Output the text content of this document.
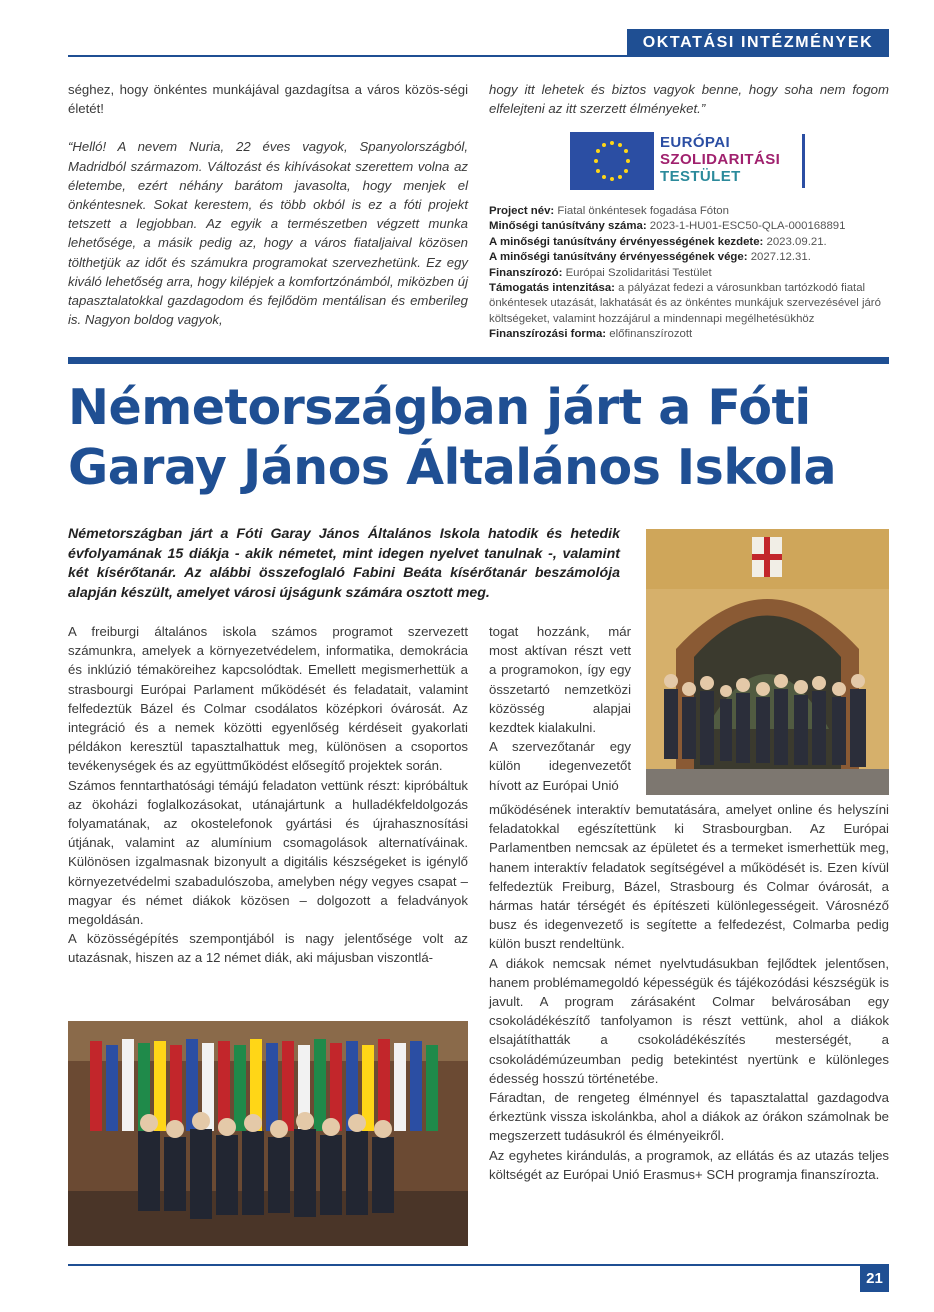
OKTATÁSI INTÉZMÉNYEK

séghez, hogy önkéntes munkájával gazdagítsa a város közös-ségi életét!

“Helló! A nevem Nuria, 22 éves vagyok, Spanyolországból, Madridból származom. Változást és kihívásokat szerettem volna az életembe, ezért néhány barátom javasolta, hogy menjek el önkéntesnek. Sokat kerestem, és több okból is ez a fóti projekt tetszett a legjobban. Az egyik a természetben végzett munka lehetősége, a másik pedig az, hogy a város fiataljaival közösen tölthetjük az időt és számukra programokat szervezhetünk. Ez egy kiváló lehetőség arra, hogy kilépjek a komfortzónámból, miközben új tapasztalatokkal gazdagodom és fejlődöm mentálisan és emberileg is. Nagyon boldog vagyok,

hogy itt lehetek és biztos vagyok benne, hogy soha nem fogom elfelejteni az itt szerzett élményeket.”

EURÓPAI
SZOLIDARITÁSI
TESTÜLET

Project név: Fiatal önkéntesek fogadása Fóton

Minőségi tanúsítvány száma: 2023-1-HU01-ESC50-QLA-000168891

A minőségi tanúsítvány érvényességének kezdete: 2023.09.21.

A minőségi tanúsítvány érvényességének vége: 2027.12.31.

Finanszírozó: Európai Szolidaritási Testület

Támogatás intenzitása: a pályázat fedezi a városunkban tartózkodó fiatal önkéntesek utazását, lakhatását és az önkéntes munkájuk szervezésével járó költségeket, valamint hozzájárul a mindennapi megélhetésükhöz

Finanszírozási forma: előfinanszírozott

Németországban járt a Fóti Garay János Általános Iskola
Németországban járt a Fóti Garay János Általános Iskola hatodik és hetedik évfolyamának 15 diákja - akik németet, mint idegen nyelvet tanulnak -, valamint két kísérőtanár. Az alábbi összefoglaló Fabini Beáta kísérőtanár beszámolója alapján készült, amelyet városi újságunk számára osztott meg.

A freiburgi általános iskola számos programot szervezett számunkra, amelyek a környezetvédelem, informatika, demokrácia és inklúzió témaköreihez kapcsolódtak. Emellett megismerhettük a strasbourgi Európai Parlament működését és feladatait, valamint felfedeztük Bázel és Colmar csodálatos középkori óvárosát. Az integráció és a nemek közötti egyenlőség kérdéseit gyakorlati példákon keresztül tapasztalhattuk meg, különösen a csoportos tevékenységek és az együttműködést elősegítő projektek során.

Számos fenntarthatósági témájú feladaton vettünk részt: kipróbáltuk az ökoházi foglalkozásokat, utánajártunk a hulladékfeldolgozás folyamatának, az okostelefonok gyártási és újrahasznosítási útjának, valamint az alumínium csomagolások alternatíváinak. Különösen izgalmasnak bizonyult a digitális készségeket is igénylő környezetvédelmi szabadulószoba, amelyben négy vegyes csapat – magyar és német diákok közösen – dolgozott a feladványok megoldásán.

A közösségépítés szempontjából is nagy jelentősége volt az utazásnak, hiszen az a 12 német diák, aki májusban viszontlá-

togat hozzánk, már most aktívan részt vett a programokon, így egy összetartó nemzetközi közösség alapjai kezdtek kialakulni.

A szervezőtanár egy külön idegenvezetőt hívott az Európai Unió

működésének interaktív bemutatására, amelyet online és helyszíni feladatokkal egészítettünk ki Strasbourgban. Az Európai Parlamentben nemcsak az épületet és a termeket ismerhettük meg, hanem interaktív feladatok segítségével a működését is. Ezen kívül felfedeztük Freiburg, Bázel, Strasbourg és Colmar óvárosát, a hármas határ térségét és építészeti különlegességeit. Városnéző busz és idegenvezető is segítette a felfedezést, Colmarba pedig külön buszt rendeltünk.

A diákok nemcsak német nyelvtudásukban fejlődtek jelentősen, hanem problémamegoldó képességük és tájékozódási készségük is javult. A program zárásaként Colmar belvárosában egy csokoládékészítő tanfolyamon is részt vettünk, ahol a diákok elsajátíthatták a csokoládékészítés mesterségét, a csokoládémúzeumban pedig betekintést nyertünk e különleges édesség hosszú történetébe.

Fáradtan, de rengeteg élménnyel és tapasztalattal gazdagodva érkeztünk vissza iskolánkba, ahol a diákok az órákon számolnak be megszerzett tudásukról és élményeikről.

Az egyhetes kirándulás, a programok, az ellátás és az utazás teljes költségét az Európai Unió Erasmus+ SCH programja finanszírozta.

21
